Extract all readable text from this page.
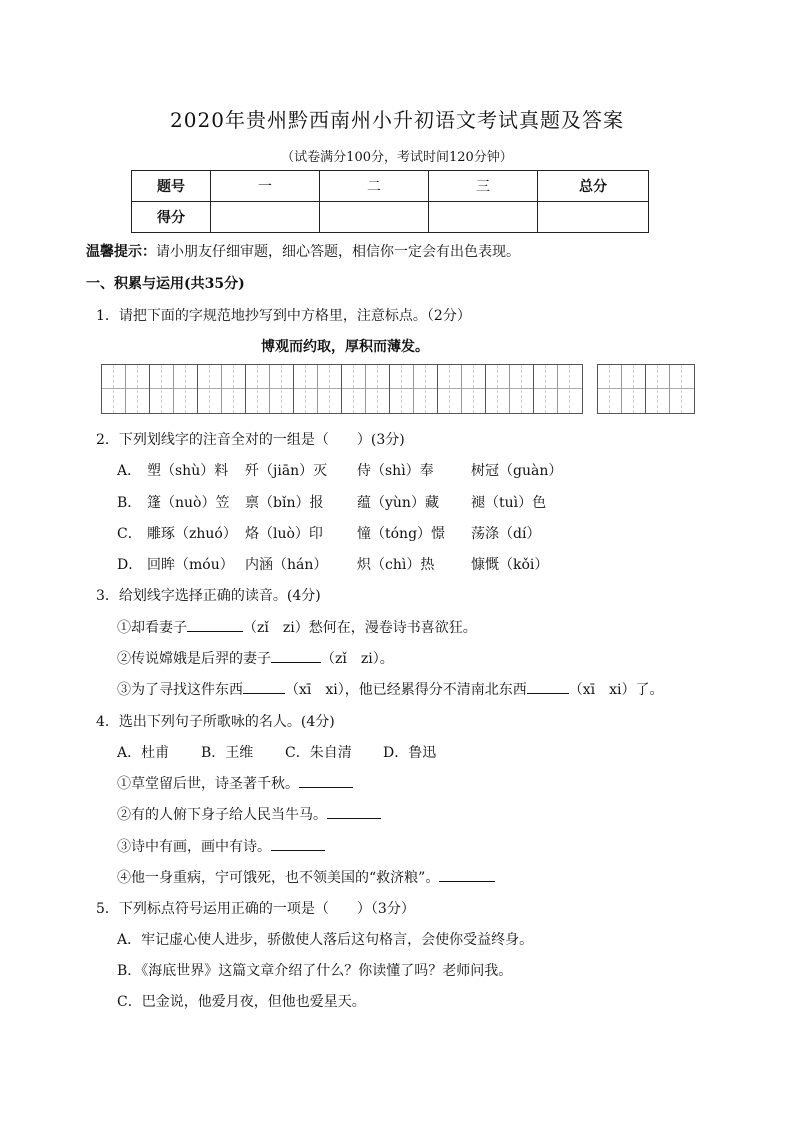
2020年贵州黔西南州小升初语文考试真题及答案
（试卷满分100分，考试时间120分钟）
题号	一	二	三	总分
得分				
温馨提示：请小朋友仔细审题，细心答题，相信你一定会有出色表现。
一、积累与运用(共35分)
1．请把下面的字规范地抄写到中方格里，注意标点。（2分）
博观而约取，厚积而薄发。
2．下列划线字的注音全对的一组是（　　）(3分)
A． 塑（shù）料 歼（jiān）灭 侍（shì）奉	树冠（guàn）
B． 篷（nuò）笠 禀（bǐn）报 蕴（yùn）藏 褪（tuì）色
C． 雕琢（zhuó） 烙（luò）印 憧（tóng）憬 荡涤（dí）
D． 回眸（móu） 内涵（hán） 炽（chì）热	慷慨（kǒi）
3．给划线字选择正确的读音。(4分)
①却看妻子	（zǐ　zi）愁何在，漫卷诗书喜欲狂。
②传说嫦娥是后羿的妻子	（zǐ　zi）。
③为了寻找这件东西	（xī　xi），他已经累得分不清南北东西	（xī　xi）了。
4．选出下列句子所歌咏的名人。(4分)
A．杜甫 B．王维 C．朱自清 D．鲁迅
①草堂留后世，诗圣著千秋。
②有的人俯下身子给人民当牛马。
③诗中有画，画中有诗。
④他一身重病，宁可饿死，也不领美国的“救济粮”。
5．下列标点符号运用正确的一项是（　　）（3分）
A．牢记虚心使人进步，骄傲使人落后这句格言，会使你受益终身。
B．《海底世界》这篇文章介绍了什么？你读懂了吗？老师问我。
C．巴金说，他爱月夜，但他也爱星天。
